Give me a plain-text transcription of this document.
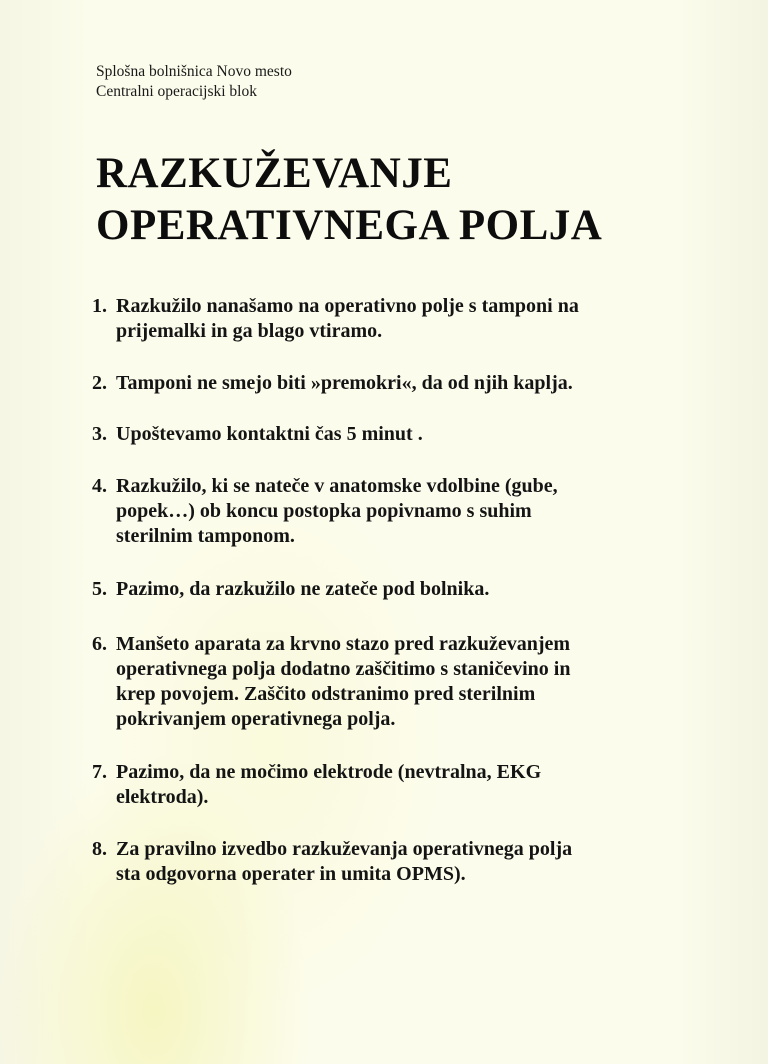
Splošna bolnišnica Novo mesto
Centralni operacijski blok
RAZKUŽEVANJE
OPERATIVNEGA POLJA
1. Razkužilo nanašamo na operativno polje s tamponi na
prijemalki in ga blago vtiramo.
2. Tamponi ne smejo biti »premokri«, da od njih kaplja.
3. Upoštevamo kontaktni čas 5 minut .
4. Razkužilo, ki se nateče v anatomske vdolbine (gube,
popek…) ob koncu postopka popivnamo s suhim
sterilnim tamponom.
5. Pazimo, da razkužilo ne zateče pod bolnika.
6. Manšeto aparata za krvno stazo pred razkuževanjem
operativnega polja dodatno zaščitimo s staničevino in
krep povojem. Zaščito odstranimo pred sterilnim
pokrivanjem operativnega polja.
7. Pazimo, da ne močimo elektrode (nevtralna, EKG
elektroda).
8. Za pravilno izvedbo razkuževanja operativnega polja
sta odgovorna operater in umita OPMS).
